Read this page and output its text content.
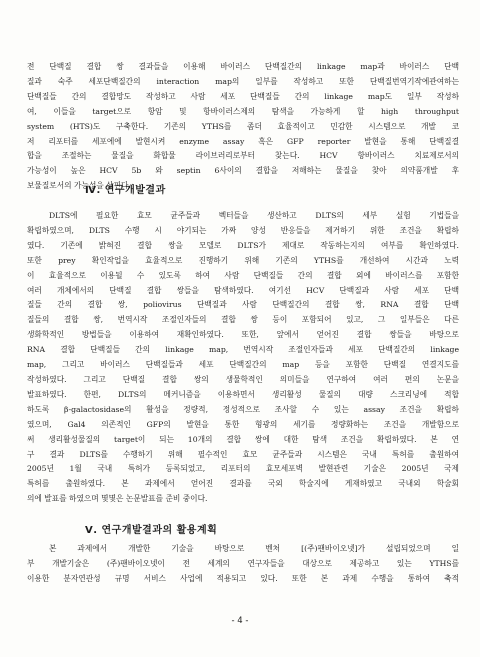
전 단백질 결합 쌍 결과들을 이용해 바이러스 단백질간의 linkage map과 바이러스 단백
질과 숙주 세포단백질간의 interaction map의 일부를 작성하고 또한 단백질번역기작에관여하는
단백질들 간의 결합망도 작성하고 사람 세포 단백질들 간의 linkage map도 일부 작성하
여, 이들을 target으로 항암 및 항바이러스제의 탐색을 가능하게 할 high throughput
system (HTS)도 구축한다. 기존의 YTHS를 좀더 효율적이고 민감한 시스템으로 개발 코
저 리포터를 세포에에 발현시켜 enzyme assay 혹은 GFP reporter 발현을 통해 단백질결
합을 조절하는 물질을 화합물 라이브러리로부터 찾는다. HCV 항바이러스 치료제로서의
가능성이 높은 HCV 5b 와 septin 6사이의 결합을 저해하는 물질을 찾아 의약품개발 후
보물질로서의 가능성을 살핀다.
Ⅳ. 연구개발결과
DLTS에 필요한 효모 균주들과 벡터들을 생산하고 DLTS의 세부 실험 기법들을
확립하였으며, DLTS 수행 시 야기되는 가짜 양성 반응들을 제거하기 위한 조건을 확립하
였다. 기존에 밝혀진 결합 쌍을 모델로 DLTS가 제대로 작동하는지의 여부를 확인하였다.
또한 prey 확인작업을 효율적으로 진행하기 위해 기존의 YTHS를 개선하여 시간과 노력
이 효율적으로 이용될 수 있도록 하여 사람 단백질들 간의 결합 외에 바이러스를 포함한
여러 개체에서의 단백질 결합 쌍들을 탐색하였다. 여기선 HCV 단백질과 사람 세포 단백
질들 간의 결합 쌍, poliovirus 단백질과 사람 단백질간의 결합 쌍, RNA 결합 단백
질들의 결합 쌍, 번역시작 조절인자들의 결합 쌍 등이 포함되어 있고, 그 일부들은 다른
생화학적인 방법들을 이용하여 재확인하였다. 또한, 앞에서 얻어진 결합 쌍들을 바탕으로
RNA 결합 단백질들 간의 linkage map, 번역시작 조절인자들과 세포 단백질간의 linkage
map, 그리고 바이러스 단백질들과 세포 단백질간의 map 등을 포함한 단백질 연결지도를
작성하였다. 그리고 단백질 결합 쌍의 생물학적인 의미들을 연구하여 여러 편의 논문을
발표하였다. 한편, DLTS의 메커니즘을 이용하면서 생리활성 물질의 대량 스크리닝에 적합
하도록 β-galactosidase의 활성을 정량적, 정성적으로 조사할 수 있는 assay 조건을 확립하
였으며, Gal4 의존적인 GFP의 발현을 통한 형광의 세기를 정량화하는 조건을 개발함으로
써 생리활성물질의 target이 되는 10개의 결합 쌍에 대한 탐색 조건을 확립하였다. 본 연
구 결과 DLTS를 수행하기 위해 필수적인 효모 균주들과 시스템은 국내 특허를 출원하여
2005년 1월 국내 특허가 등록되었고, 리포터의 효모세포벽 발현관련 기술은 2005년 국제
특허를 출원하였다. 본 과제에서 얻어진 결과를 국외 학술지에 게재하였고 국내외 학술회
의에 발표를 하였으며 몇몇은 논문발표를 준비 중이다.
Ⅴ. 연구개발결과의 활용계획
본 과제에서 개발한 기술을 바탕으로 벤처 [(주)팬바이오넷]가 설립되었으며 일
부 개발기술은 (주)팬바이오넷이 전 세계의 연구자들을 대상으로 제공하고 있는 YTHS를
이용한 분자연관성 규명 서비스 사업에 적용되고 있다. 또한 본 과제 수행을 통하여 축적
- 4 -
